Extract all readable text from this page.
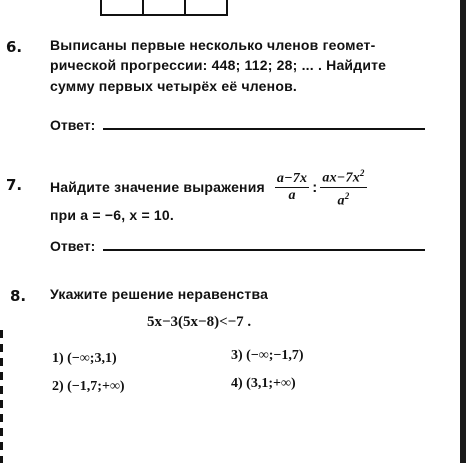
6. Выписаны первые несколько членов геомет-
рической прогрессии: 448; 112; 28; ... . Найдите
сумму первых четырёх её членов.
Ответ:
7. Найдите значение выражения $\frac{a-7x}{a}$ : $\frac{ax-7x^2}{a^2}$
при a = −6, x = 10.
Ответ:
8. Укажите решение неравенства
5x−3(5x−8)<−7 .
1) (−∞;3,1)
2) (−1,7;+∞)
3) (−∞;−1,7)
4) (3,1;+∞)
